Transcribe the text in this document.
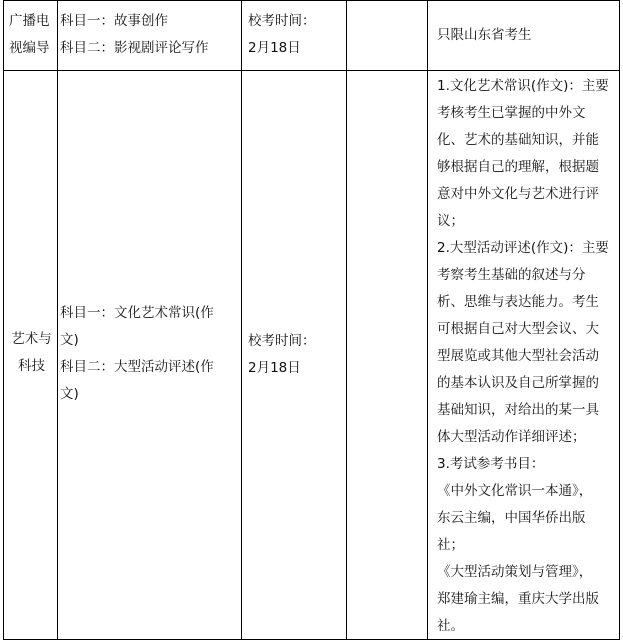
广播电
视编导
科目一：故事创作
科目二：影视剧评论写作
校考时间：
2月18日
只限山东省考生
艺术与
科技
科目一：文化艺术常识(作
文)
科目二：大型活动评述(作
文)
校考时间：
2月18日
1.文化艺术常识(作文)：主要
考核考生已掌握的中外文
化、艺术的基础知识，并能
够根据自己的理解，根据题
意对中外文化与艺术进行评
议；
2.大型活动评述(作文)：主要
考察考生基础的叙述与分
析、思维与表达能力。考生
可根据自己对大型会议、大
型展览或其他大型社会活动
的基本认识及自己所掌握的
基础知识，对给出的某一具
体大型活动作详细评述；
3.考试参考书目：
《中外文化常识一本通》，
东云主编，中国华侨出版
社；
《大型活动策划与管理》，
郑建瑜主编，重庆大学出版
社。
